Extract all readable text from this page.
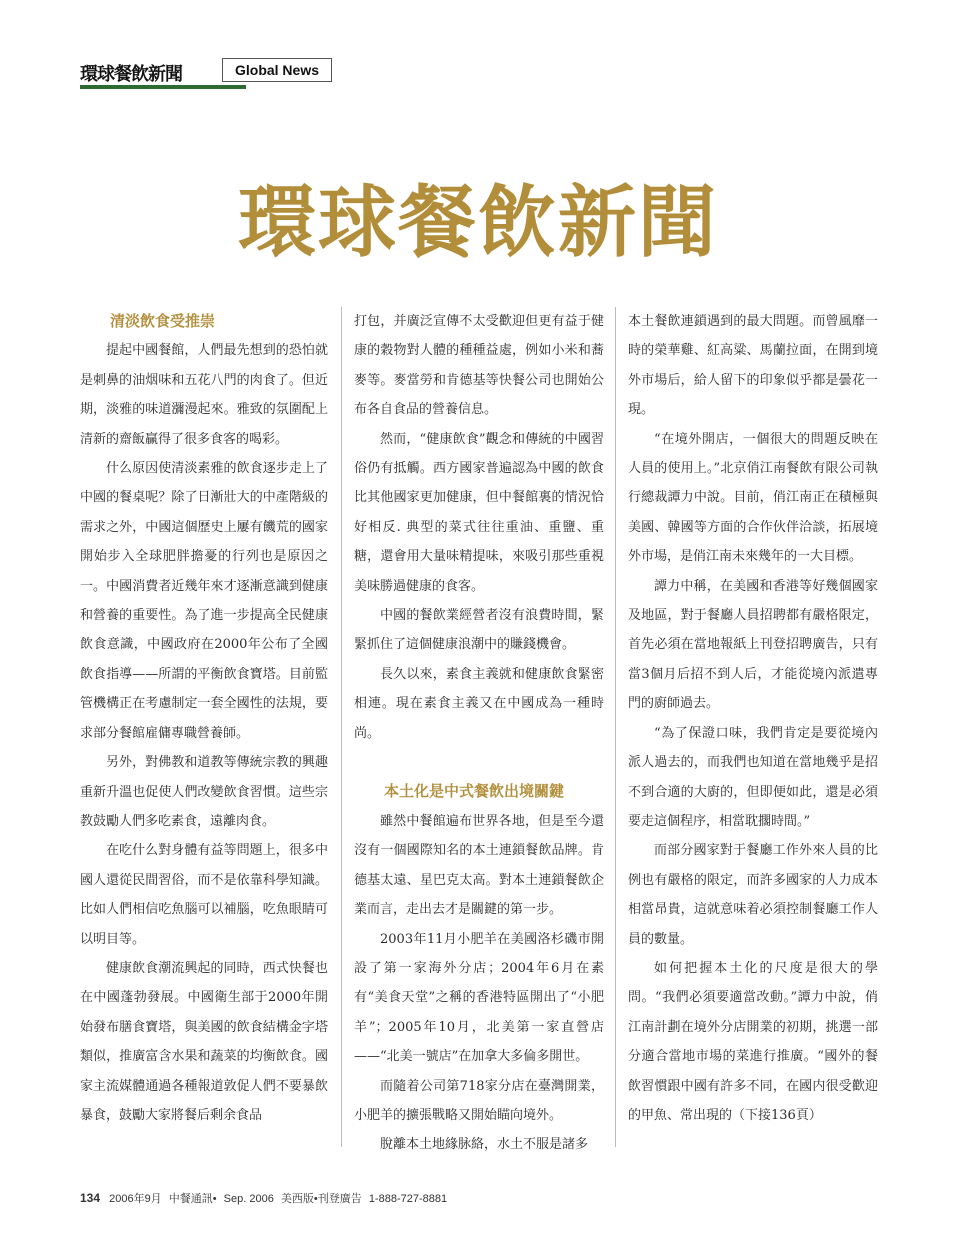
環球餐飲新聞	Global News
環球餐飲新聞
清淡飲食受推崇

提起中國餐館，人們最先想到的恐怕就是刺鼻的油烟味和五花八門的肉食了。但近期，淡雅的味道瀰漫起來。雅致的氛圍配上清新的齋飯贏得了很多食客的喝彩。

什么原因使清淡素雅的飲食逐步走上了中國的餐桌呢？除了日漸壯大的中產階級的需求之外，中國這個歷史上屢有饑荒的國家開始步入全球肥胖擔憂的行列也是原因之一。中國消費者近幾年來才逐漸意識到健康和營養的重要性。為了進一步提高全民健康飲食意識，中國政府在2000年公布了全國飲食指導——所謂的平衡飲食寶塔。目前監管機構正在考慮制定一套全國性的法規，要求部分餐館雇傭專職營養師。

另外，對佛教和道教等傳統宗教的興趣重新升溫也促使人們改變飲食習慣。這些宗教鼓勵人們多吃素食，遠離肉食。

在吃什么對身體有益等問題上，很多中國人還從民間習俗，而不是依靠科學知識。比如人們相信吃魚腦可以補腦，吃魚眼睛可以明目等。

健康飲食潮流興起的同時，西式快餐也在中國蓬勃發展。中國衛生部于2000年開始發布膳食寶塔，與美國的飲食結構金字塔類似，推廣富含水果和蔬菜的均衡飲食。國家主流媒體通過各種報道敦促人們不要暴飲暴食，鼓勵大家將餐后剩余食品

打包，并廣泛宣傳不太受歡迎但更有益于健康的穀物對人體的種種益處，例如小米和蕎麥等。麥當勞和肯德基等快餐公司也開始公布各自食品的營養信息。

然而，“健康飲食”觀念和傳統的中國習俗仍有抵觸。西方國家普遍認為中國的飲食比其他國家更加健康，但中餐館裏的情況恰好相反. 典型的菜式往往重油、重鹽、重糖，還會用大量味精提味，來吸引那些重視美味勝過健康的食客。

中國的餐飲業經營者沒有浪費時間，緊緊抓住了這個健康浪潮中的賺錢機會。

長久以來，素食主義就和健康飲食緊密相連。現在素食主義又在中國成為一種時尚。

本土化是中式餐飲出境關鍵

雖然中餐館遍布世界各地，但是至今還沒有一個國際知名的本土連鎖餐飲品牌。肯德基太遠、星巴克太高。對本土連鎖餐飲企業而言，走出去才是關鍵的第一步。

2003年11月小肥羊在美國洛杉磯市開設了第一家海外分店；2004年6月在素有“美食天堂”之稱的香港特區開出了“小肥羊”；2005年10月，北美第一家直營店——“北美一號店”在加拿大多倫多開世。

而隨着公司第718家分店在臺灣開業，小肥羊的擴張戰略又開始瞄向境外。

脫離本土地緣脉絡，水土不服是諸多

本土餐飲連鎖遇到的最大問題。而曾風靡一時的榮華雞、紅高粱、馬蘭拉面，在開到境外市場后，給人留下的印象似乎都是曇花一現。

“在境外開店，一個很大的問題反映在人員的使用上。”北京俏江南餐飲有限公司執行總裁譚力中說。目前，俏江南正在積極與美國、韓國等方面的合作伙伴洽談，拓展境外市場，是俏江南未來幾年的一大目標。

譚力中稱，在美國和香港等好幾個國家及地區，對于餐廳人員招聘都有嚴格限定，首先必須在當地報紙上刊登招聘廣告，只有當3個月后招不到人后，才能從境內派遣專門的廚師過去。

“為了保證口味，我們肯定是要從境內派人過去的，而我們也知道在當地幾乎是招不到合適的大廚的，但即便如此，還是必須要走這個程序，相當耽擱時間。”

而部分國家對于餐廳工作外來人員的比例也有嚴格的限定，而許多國家的人力成本相當昂貴，這就意味着必須控制餐廳工作人員的數量。

如何把握本土化的尺度是很大的學問。“我們必須要適當改動。”譚力中說，俏江南計劃在境外分店開業的初期，挑選一部分適合當地市場的菜進行推廣。“國外的餐飲習慣跟中國有許多不同，在國内很受歡迎的甲魚、常出現的（下接136頁）

134 2006年9月 中餐通訊• Sep. 2006 美西版•刊登廣告 1-888-727-8881
